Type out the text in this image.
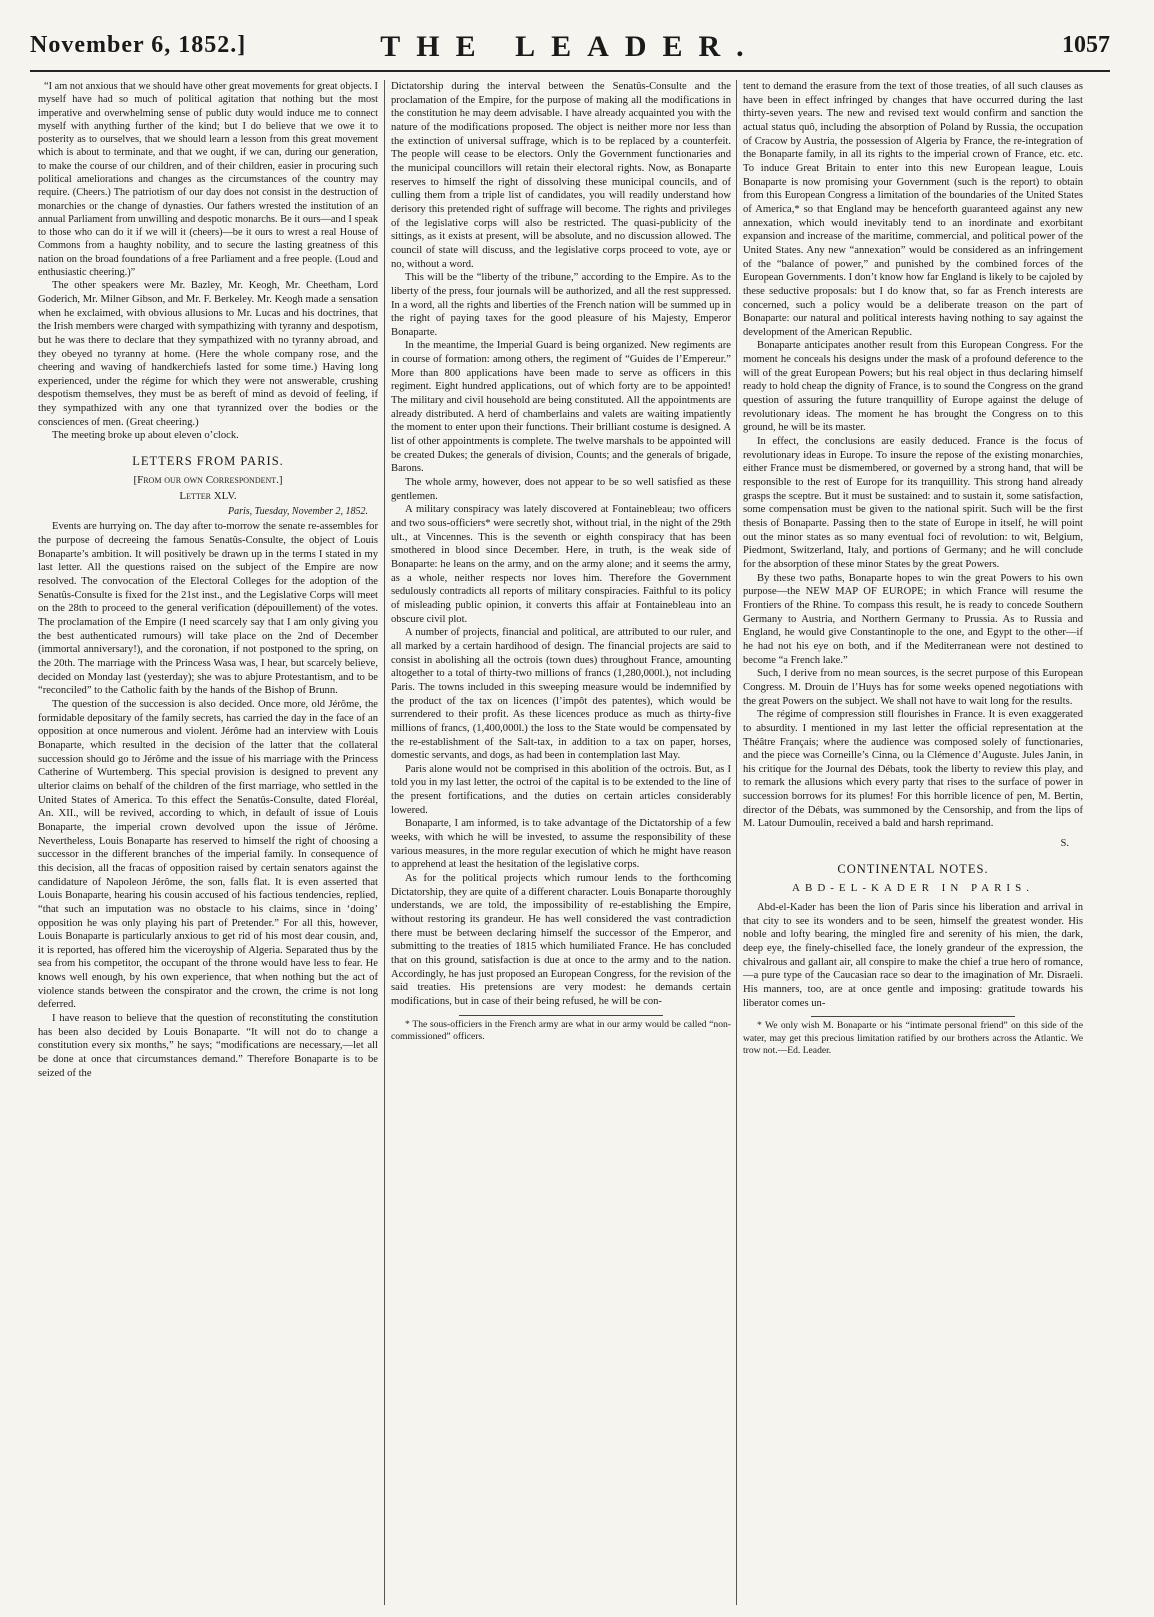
November 6, 1852.]	THE LEADER.	1057

“I am not anxious that we should have other great movements for great objects. I myself have had so much of political agitation that nothing but the most imperative and overwhelming sense of public duty would induce me to connect myself with anything further of the kind; but I do believe that we owe it to posterity as to ourselves, that we should learn a lesson from this great movement which is about to terminate, and that we ought, if we can, during our generation, to make the course of our children, and of their children, easier in procuring such political ameliorations and changes as the circumstances of the country may require. (Cheers.) The patriotism of our day does not consist in the destruction of monarchies or the change of dynasties. Our fathers wrested the institution of an annual Parliament from unwilling and despotic monarchs. Be it ours—and I speak to those who can do it if we will it (cheers)—be it ours to wrest a real House of Commons from a haughty nobility, and to secure the lasting greatness of this nation on the broad foundations of a free Parliament and a free people. (Loud and enthusiastic cheering.)”

The other speakers were Mr. Bazley, Mr. Keogh, Mr. Cheetham, Lord Goderich, Mr. Milner Gibson, and Mr. F. Berkeley. Mr. Keogh made a sensation when he exclaimed, with obvious allusions to Mr. Lucas and his doctrines, that the Irish members were charged with sympathizing with tyranny and despotism, but he was there to declare that they sympathized with no tyranny abroad, and they obeyed no tyranny at home. (Here the whole company rose, and the cheering and waving of handkerchiefs lasted for some time.) Having long experienced, under the régime for which they were not answerable, crushing despotism themselves, they must be as bereft of mind as devoid of feeling, if they sympathized with any one that tyrannized over the bodies or the consciences of men. (Great cheering.)

The meeting broke up about eleven o’clock.

LETTERS FROM PARIS.
[From our own Correspondent.]
Letter XLV.
Paris, Tuesday, November 2, 1852.

Events are hurrying on. The day after to-morrow the senate re-assembles for the purpose of decreeing the famous Senatûs-Consulte, the object of Louis Bonaparte’s ambition. It will positively be drawn up in the terms I stated in my last letter. All the questions raised on the subject of the Empire are now resolved. The convocation of the Electoral Colleges for the adoption of the Senatûs-Consulte is fixed for the 21st inst., and the Legislative Corps will meet on the 28th to proceed to the general verification (dépouillement) of the votes. The proclamation of the Empire (I need scarcely say that I am only giving you the best authenticated rumours) will take place on the 2nd of December (immortal anniversary!), and the coronation, if not postponed to the spring, on the 20th. The marriage with the Princess Wasa was, I hear, but scarcely believe, decided on Monday last (yesterday); she was to abjure Protestantism, and to be “reconciled” to the Catholic faith by the hands of the Bishop of Brunn.

The question of the succession is also decided. Once more, old Jérôme, the formidable depositary of the family secrets, has carried the day in the face of an opposition at once numerous and violent. Jérôme had an interview with Louis Bonaparte, which resulted in the decision of the latter that the collateral succession should go to Jérôme and the issue of his marriage with the Princess Catherine of Wurtemberg. This special provision is designed to prevent any ulterior claims on behalf of the children of the first marriage, who settled in the United States of America. To this effect the Senatûs-Consulte, dated Floréal, An. XII., will be revived, according to which, in default of issue of Louis Bonaparte, the imperial crown devolved upon the issue of Jérôme. Nevertheless, Louis Bonaparte has reserved to himself the right of choosing a successor in the different branches of the imperial family. In consequence of this decision, all the fracas of opposition raised by certain senators against the candidature of Napoleon Jérôme, the son, falls flat. It is even asserted that Louis Bonaparte, hearing his cousin accused of his factious tendencies, replied, “that such an imputation was no obstacle to his claims, since in ‘doing’ opposition he was only playing his part of Pretender.” For all this, however, Louis Bonaparte is particularly anxious to get rid of his most dear cousin, and, it is reported, has offered him the viceroyship of Algeria. Separated thus by the sea from his competitor, the occupant of the throne would have less to fear. He knows well enough, by his own experience, that when nothing but the act of violence stands between the conspirator and the crown, the crime is not long deferred.

I have reason to believe that the question of reconstituting the constitution has been also decided by Louis Bonaparte. “It will not do to change a constitution every six months,” he says; “modifications are necessary,—let all be done at once that circumstances demand.” Therefore Bonaparte is to be seized of the

Dictatorship during the interval between the Senatûs-Consulte and the proclamation of the Empire, for the purpose of making all the modifications in the constitution he may deem advisable. I have already acquainted you with the nature of the modifications proposed. The object is neither more nor less than the extinction of universal suffrage, which is to be replaced by a counterfeit. The people will cease to be electors. Only the Government functionaries and the municipal councillors will retain their electoral rights. Now, as Bonaparte reserves to himself the right of dissolving these municipal councils, and of culling them from a triple list of candidates, you will readily understand how derisory this pretended right of suffrage will become. The rights and privileges of the legislative corps will also be restricted. The quasi-publicity of the sittings, as it exists at present, will be absolute, and no discussion allowed. The council of state will discuss, and the legislative corps proceed to vote, aye or no, without a word.

This will be the “liberty of the tribune,” according to the Empire. As to the liberty of the press, four journals will be authorized, and all the rest suppressed. In a word, all the rights and liberties of the French nation will be summed up in the right of paying taxes for the good pleasure of his Majesty, Emperor Bonaparte.

In the meantime, the Imperial Guard is being organized. New regiments are in course of formation: among others, the regiment of “Guides de l’Empereur.” More than 800 applications have been made to serve as officers in this regiment. Eight hundred applications, out of which forty are to be appointed! The military and civil household are being constituted. All the appointments are already distributed. A herd of chamberlains and valets are waiting impatiently the moment to enter upon their functions. Their brilliant costume is designed. A list of other appointments is complete. The twelve marshals to be appointed will be created Dukes; the generals of division, Counts; and the generals of brigade, Barons.

The whole army, however, does not appear to be so well satisfied as these gentlemen.

A military conspiracy was lately discovered at Fontainebleau; two officers and two sous-officiers* were secretly shot, without trial, in the night of the 29th ult., at Vincennes. This is the seventh or eighth conspiracy that has been smothered in blood since December. Here, in truth, is the weak side of Bonaparte: he leans on the army, and on the army alone; and it seems the army, as a whole, neither respects nor loves him. Therefore the Government sedulously contradicts all reports of military conspiracies. Faithful to its policy of misleading public opinion, it converts this affair at Fontainebleau into an obscure civil plot.

A number of projects, financial and political, are attributed to our ruler, and all marked by a certain hardihood of design. The financial projects are said to consist in abolishing all the octrois (town dues) throughout France, amounting altogether to a total of thirty-two millions of francs (1,280,000l.), not including Paris. The towns included in this sweeping measure would be indemnified by the product of the tax on licences (l’impôt des patentes), which would be surrendered to their profit. As these licences produce as much as thirty-five millions of francs, (1,400,000l.) the loss to the State would be compensated by the re-establishment of the Salt-tax, in addition to a tax on paper, horses, domestic servants, and dogs, as had been in contemplation last May.

Paris alone would not be comprised in this abolition of the octrois. But, as I told you in my last letter, the octroi of the capital is to be extended to the line of the present fortifications, and the duties on certain articles considerably lowered.

Bonaparte, I am informed, is to take advantage of the Dictatorship of a few weeks, with which he will be invested, to assume the responsibility of these various measures, in the more regular execution of which he might have reason to apprehend at least the hesitation of the legislative corps.

As for the political projects which rumour lends to the forthcoming Dictatorship, they are quite of a different character. Louis Bonaparte thoroughly understands, we are told, the impossibility of re-establishing the Empire, without restoring its grandeur. He has well considered the vast contradiction there must be between declaring himself the successor of the Emperor, and submitting to the treaties of 1815 which humiliated France. He has concluded that on this ground, satisfaction is due at once to the army and to the nation. Accordingly, he has just proposed an European Congress, for the revision of the said treaties. His pretensions are very modest: he demands certain modifications, but in case of their being refused, he will be con-

* The sous-officiers in the French army are what in our army would be called “non-commissioned” officers.

tent to demand the erasure from the text of those treaties, of all such clauses as have been in effect infringed by changes that have occurred during the last thirty-seven years. The new and revised text would confirm and sanction the actual status quô, including the absorption of Poland by Russia, the occupation of Cracow by Austria, the possession of Algeria by France, the re-integration of the Bonaparte family, in all its rights to the imperial crown of France, etc. etc. To induce Great Britain to enter into this new European league, Louis Bonaparte is now promising your Government (such is the report) to obtain from this European Congress a limitation of the boundaries of the United States of America,* so that England may be henceforth guaranteed against any new annexation, which would inevitably tend to an inordinate and exorbitant expansion and increase of the maritime, commercial, and political power of the United States. Any new “annexation” would be considered as an infringement of the “balance of power,” and punished by the combined forces of the European Governments. I don’t know how far England is likely to be cajoled by these seductive proposals: but I do know that, so far as French interests are concerned, such a policy would be a deliberate treason on the part of Bonaparte: our natural and political interests having nothing to say against the development of the American Republic.

Bonaparte anticipates another result from this European Congress. For the moment he conceals his designs under the mask of a profound deference to the will of the great European Powers; but his real object in thus declaring himself ready to hold cheap the dignity of France, is to sound the Congress on the grand question of assuring the future tranquillity of Europe against the deluge of revolutionary ideas. The moment he has brought the Congress on to this ground, he will be its master.

In effect, the conclusions are easily deduced. France is the focus of revolutionary ideas in Europe. To insure the repose of the existing monarchies, either France must be dismembered, or governed by a strong hand, that will be responsible to the rest of Europe for its tranquillity. This strong hand already grasps the sceptre. But it must be sustained: and to sustain it, some satisfaction, some compensation must be given to the national spirit. Such will be the first thesis of Bonaparte. Passing then to the state of Europe in itself, he will point out the minor states as so many eventual foci of revolution: to wit, Belgium, Piedmont, Switzerland, Italy, and portions of Germany; and he will conclude for the absorption of these minor States by the great Powers.

By these two paths, Bonaparte hopes to win the great Powers to his own purpose—the NEW MAP OF EUROPE; in which France will resume the Frontiers of the Rhine. To compass this result, he is ready to concede Southern Germany to Austria, and Northern Germany to Prussia. As to Russia and England, he would give Constantinople to the one, and Egypt to the other—if he had not his eye on both, and if the Mediterranean were not destined to become “a French lake.”

Such, I derive from no mean sources, is the secret purpose of this European Congress. M. Drouin de l’Huys has for some weeks opened negotiations with the great Powers on the subject. We shall not have to wait long for the results.

The régime of compression still flourishes in France. It is even exaggerated to absurdity. I mentioned in my last letter the official representation at the Théâtre Français; where the audience was composed solely of functionaries, and the piece was Corneille’s Cinna, ou la Clémence d’Auguste. Jules Janin, in his critique for the Journal des Débats, took the liberty to review this play, and to remark the allusions which every party that rises to the surface of power in succession borrows for its plumes! For this horrible licence of pen, M. Bertin, director of the Débats, was summoned by the Censorship, and from the lips of M. Latour Dumoulin, received a bald and harsh reprimand.

S.
CONTINENTAL NOTES.
ABD-EL-KADER IN PARIS.

Abd-el-Kader has been the lion of Paris since his liberation and arrival in that city to see its wonders and to be seen, himself the greatest wonder. His noble and lofty bearing, the mingled fire and serenity of his mien, the dark, deep eye, the finely-chiselled face, the lonely grandeur of the expression, the chivalrous and gallant air, all conspire to make the chief a true hero of romance,—a pure type of the Caucasian race so dear to the imagination of Mr. Disraeli. His manners, too, are at once gentle and imposing: gratitude towards his liberator comes un-

* We only wish M. Bonaparte or his “intimate personal friend” on this side of the water, may get this precious limitation ratified by our brothers across the Atlantic. We trow not.—Ed. Leader.
